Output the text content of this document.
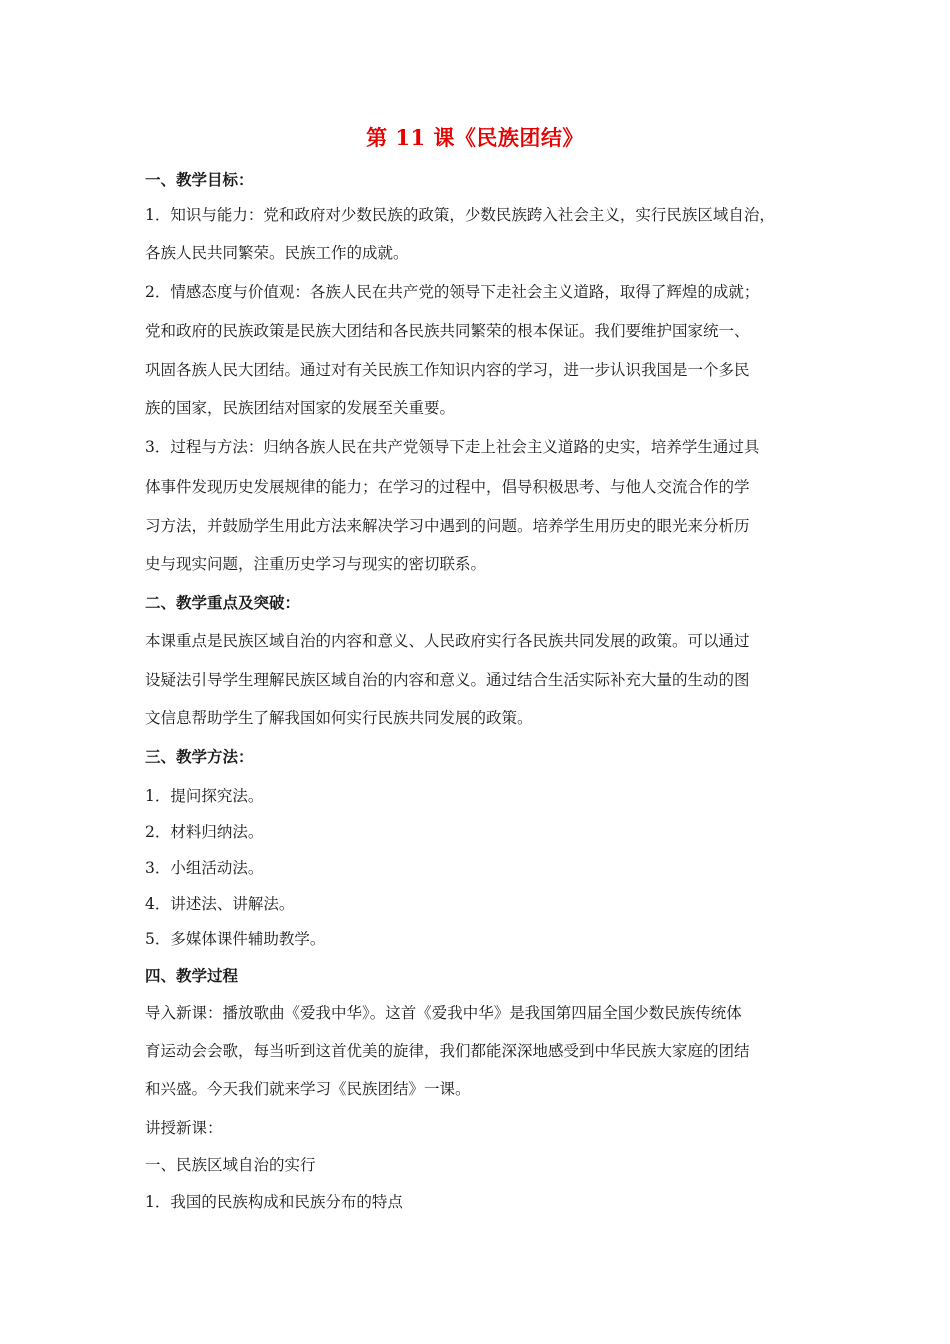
第 11 课《民族团结》
一、教学目标：
1．知识与能力：党和政府对少数民族的政策，少数民族跨入社会主义，实行民族区域自治，
各族人民共同繁荣。民族工作的成就。
2．情感态度与价值观：各族人民在共产党的领导下走社会主义道路，取得了辉煌的成就；
党和政府的民族政策是民族大团结和各民族共同繁荣的根本保证。我们要维护国家统一、
巩固各族人民大团结。通过对有关民族工作知识内容的学习，进一步认识我国是一个多民
族的国家，民族团结对国家的发展至关重要。
3．过程与方法：归纳各族人民在共产党领导下走上社会主义道路的史实，培养学生通过具
体事件发现历史发展规律的能力；在学习的过程中，倡导积极思考、与他人交流合作的学
习方法，并鼓励学生用此方法来解决学习中遇到的问题。培养学生用历史的眼光来分析历
史与现实问题，注重历史学习与现实的密切联系。
二、教学重点及突破：
本课重点是民族区域自治的内容和意义、人民政府实行各民族共同发展的政策。可以通过
设疑法引导学生理解民族区域自治的内容和意义。通过结合生活实际补充大量的生动的图
文信息帮助学生了解我国如何实行民族共同发展的政策。
三、教学方法：
1．提问探究法。
2．材料归纳法。
3．小组活动法。
4．讲述法、讲解法。
5．多媒体课件辅助教学。
四、教学过程
导入新课：播放歌曲《爱我中华》。这首《爱我中华》是我国第四届全国少数民族传统体
育运动会会歌，每当听到这首优美的旋律，我们都能深深地感受到中华民族大家庭的团结
和兴盛。今天我们就来学习《民族团结》一课。
讲授新课：
一、民族区域自治的实行
1．我国的民族构成和民族分布的特点
